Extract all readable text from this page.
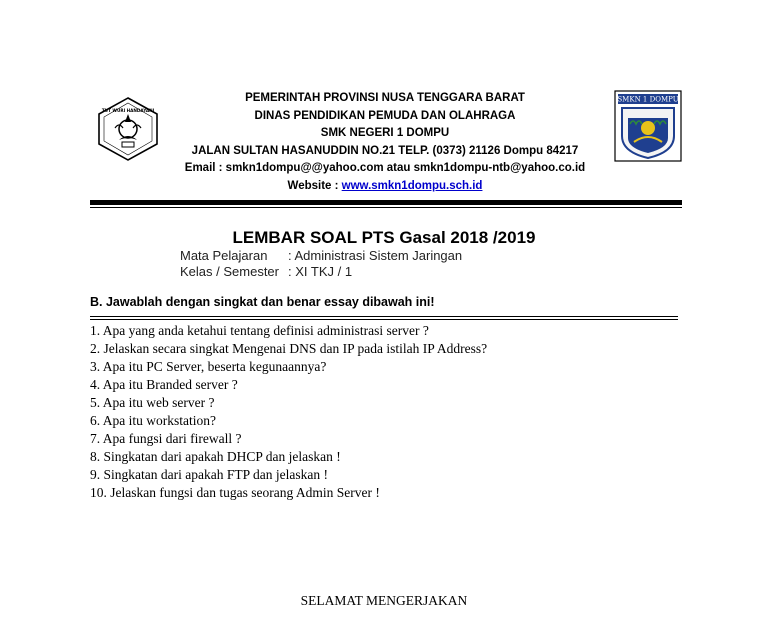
TUT WURI HANDAYANI
SMKN 1 DOMPU
PEMERINTAH PROVINSI NUSA TENGGARA BARAT
DINAS PENDIDIKAN PEMUDA DAN OLAHRAGA
SMK NEGERI 1 DOMPU
JALAN SULTAN HASANUDDIN NO.21 TELP. (0373) 21126 Dompu 84217
Email : smkn1dompu@@yahoo.com atau smkn1dompu-ntb@yahoo.co.id
Website : www.smkn1dompu.sch.id
LEMBAR SOAL PTS Gasal 2018 /2019
Mata Pelajaran : Administrasi Sistem Jaringan
Kelas / Semester : XI TKJ / 1
B. Jawablah dengan singkat dan benar essay dibawah ini!
1. Apa yang anda ketahui tentang definisi administrasi server ?
2. Jelaskan secara singkat Mengenai DNS dan IP pada istilah IP Address?
3. Apa itu PC Server, beserta kegunaannya?
4. Apa itu Branded server ?
5. Apa itu web server ?
6. Apa itu workstation?
7. Apa fungsi dari firewall ?
8. Singkatan dari apakah DHCP dan jelaskan !
9. Singkatan dari apakah FTP dan jelaskan !
10. Jelaskan fungsi dan tugas seorang Admin Server !
SELAMAT MENGERJAKAN
